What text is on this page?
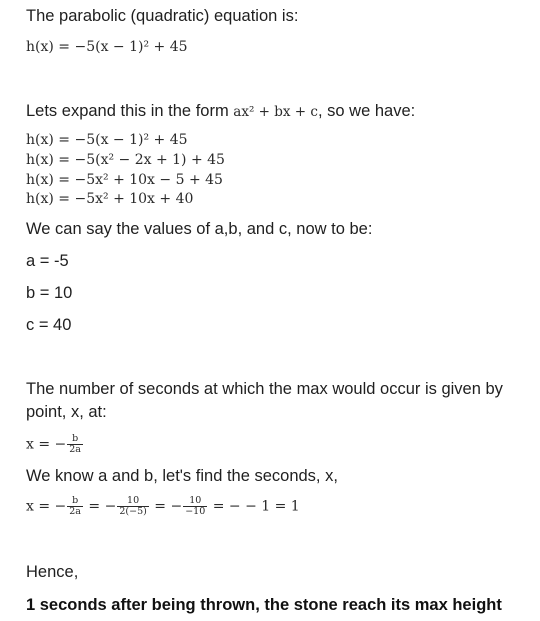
The parabolic (quadratic) equation is:
h(x) = −5(x − 1)² + 45
Lets expand this in the form ax² + bx + c, so we have:
h(x) = −5(x − 1)² + 45
h(x) = −5(x² − 2x + 1) + 45
h(x) = −5x² + 10x − 5 + 45
h(x) = −5x² + 10x + 40
We can say the values of a,b, and c, now to be:
a = -5
b = 10
c = 40
The number of seconds at which the max would occur is given by
point, x, at:
x = − $\frac{b}{2a}$
We know a and b, let's find the seconds, x,
x = − $\frac{b}{2a}$ = − $\frac{10}{2(-5)}$ = − $\frac{10}{-10}$ = − − 1 = 1
Hence,
1 seconds after being thrown, the stone reach its max height
